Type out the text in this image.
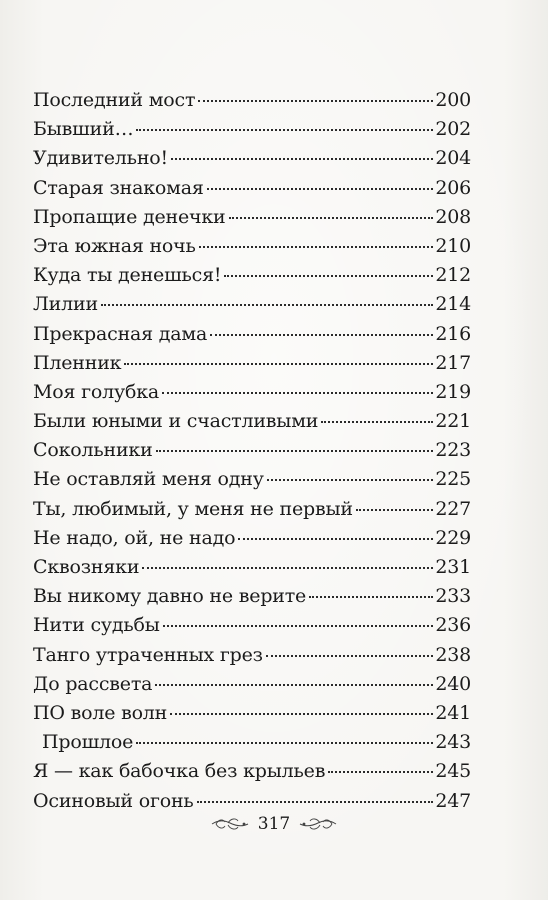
Последний мост	200
Бывший…	202
Удивительно!	204
Старая знакомая	206
Пропащие денечки	208
Эта южная ночь	210
Куда ты денешься!	212
Лилии	214
Прекрасная дама	216
Пленник	217
Моя голубка	219
Были юными и счастливыми	221
Сокольники	223
Не оставляй меня одну	225
Ты, любимый, у меня не первый	227
Не надо, ой, не надо	229
Сквозняки	231
Вы никому давно не верите	233
Нити судьбы	236
Танго утраченных грез	238
До рассвета	240
ПО воле волн	241
Прошлое	243
Я — как бабочка без крыльев	245
Осиновый огонь	247
317
